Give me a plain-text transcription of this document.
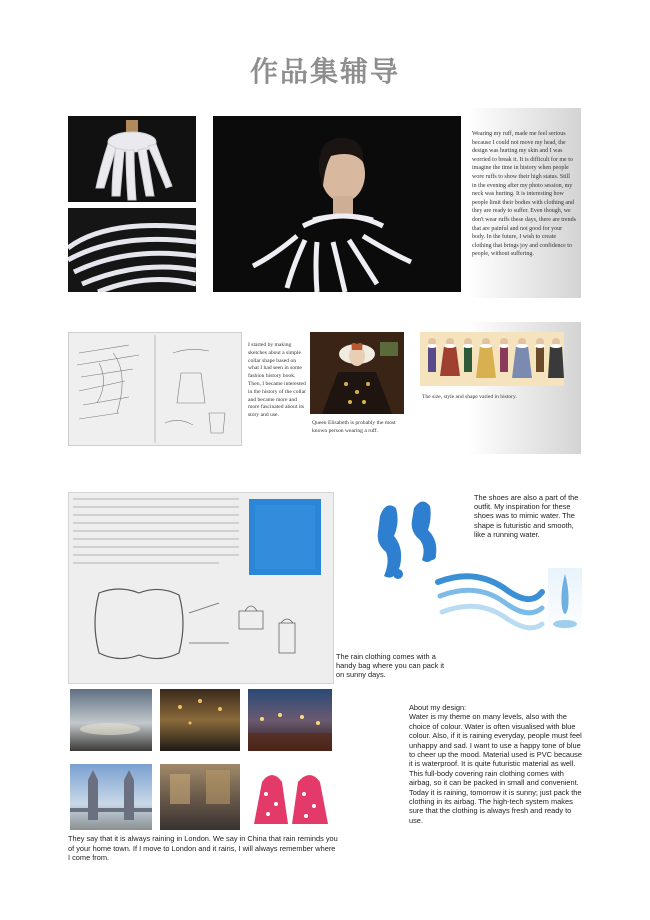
作品集辅导
Wearing my ruff, made me feel serious because I could not move my head, the design was hurting my skin and I was worried to break it. It is difficult for me to imagine the time in history when people wore ruffs to show their high status. Still in the evening after my photo session, my neck was hurting. It is interesting how people limit their bodies with clothing and they are ready to suffer. Even though, we don't wear ruffs these days, there are trends that are painful and not good for your body. In the future, I wish to create clothing that brings joy and confidence to people, without suffering.
I started by making sketches about a simple collar shape based on what I had seen in some fashion history book. Then, I became interested in the history of the collar and became more and more fascinated about its story and use.
Queen Elisabeth is probably the most known person wearing a ruff.
The size, style and shape varied in history.
The shoes are also a part of the outfit. My inspiration for these shoes was to mimic water. The shape is futuristic and smooth, like a running water.
The rain clothing comes with a handy bag where you can pack it on sunny days.
About my design:
Water is my theme on many levels, also with the choice of colour. Water is often visualised with blue colour. Also, if it is raining everyday, people must feel unhappy and sad. I want to use a happy tone of blue to cheer up the mood. Material used is PVC because it is waterproof. It is quite futuristic material as well. This full-body covering rain clothing comes with airbag, so it can be packed in small and convenient. Today it is raining, tomorrow it is sunny; just pack the clothing in its airbag. The high-tech system makes sure that the clothing is always fresh and ready to use.
They say that it is always raining in London. We say in China that rain reminds you of your home town. If I move to London and it rains, I will always remember where I come from.
